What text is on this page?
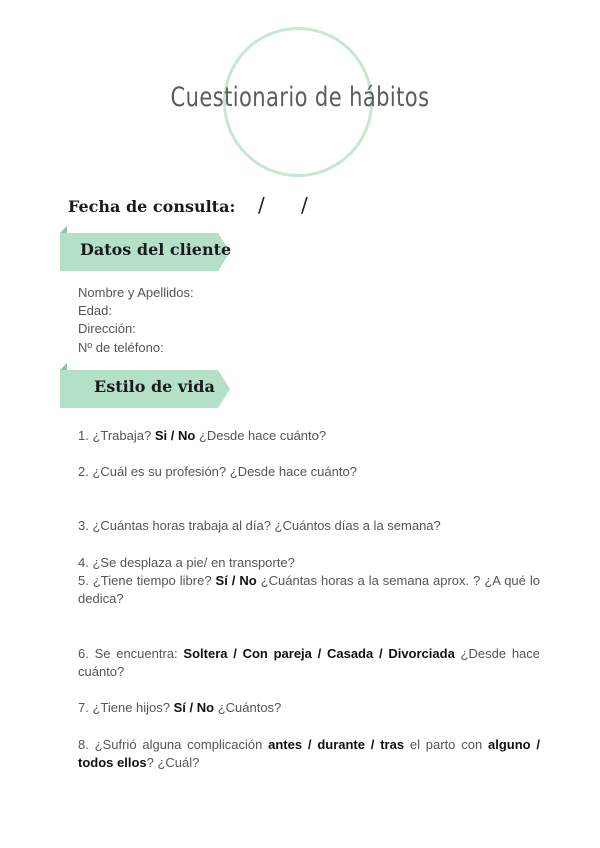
Cuestionario de hábitos
Fecha de consulta: / /
Datos del cliente
Nombre y Apellidos:
Edad:
Dirección:
Nº de teléfono:
Estilo de vida
1. ¿Trabaja? Si / No ¿Desde hace cuánto?
2. ¿Cuál es su profesión? ¿Desde hace cuánto?
3. ¿Cuántas horas trabaja al día? ¿Cuántos días a la semana?
4. ¿Se desplaza a pie/ en transporte?
5. ¿Tiene tiempo libre? Sí / No ¿Cuántas horas a la semana aprox. ? ¿A qué lo dedica?
6. Se encuentra: Soltera / Con pareja / Casada / Divorciada ¿Desde hace cuánto?
7. ¿Tiene hijos? Sí / No ¿Cuántos?
8. ¿Sufrió alguna complicación antes / durante / tras el parto con alguno / todos ellos? ¿Cuál?
